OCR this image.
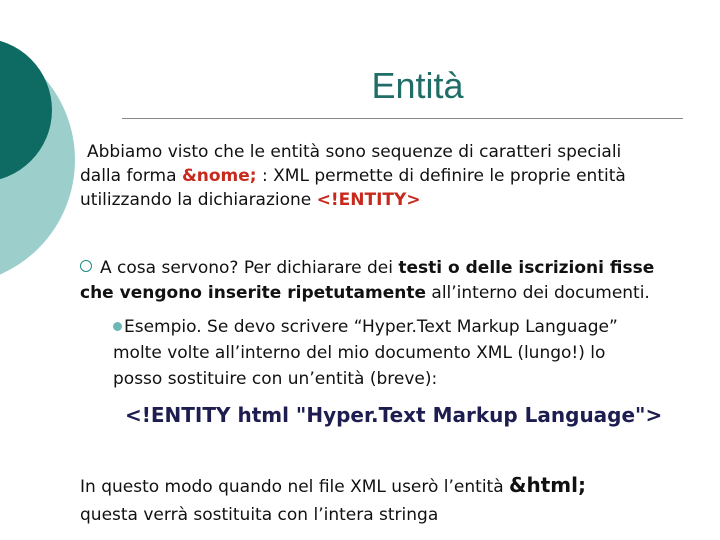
Entità
Abbiamo visto che le entità sono sequenze di caratteri speciali
dalla forma &nome; : XML permette di definire le proprie entità
utilizzando la dichiarazione <!ENTITY>
A cosa servono? Per dichiarare dei testi o delle iscrizioni fisse
che vengono inserite ripetutamente all’interno dei documenti.
Esempio. Se devo scrivere “Hyper.Text Markup Language”
molte volte all’interno del mio documento XML (lungo!) lo
posso sostituire con un’entità (breve):
<!ENTITY html "Hyper.Text Markup Language">
In questo modo quando nel file XML userò l’entità &html;
questa verrà sostituita con l’intera stringa
